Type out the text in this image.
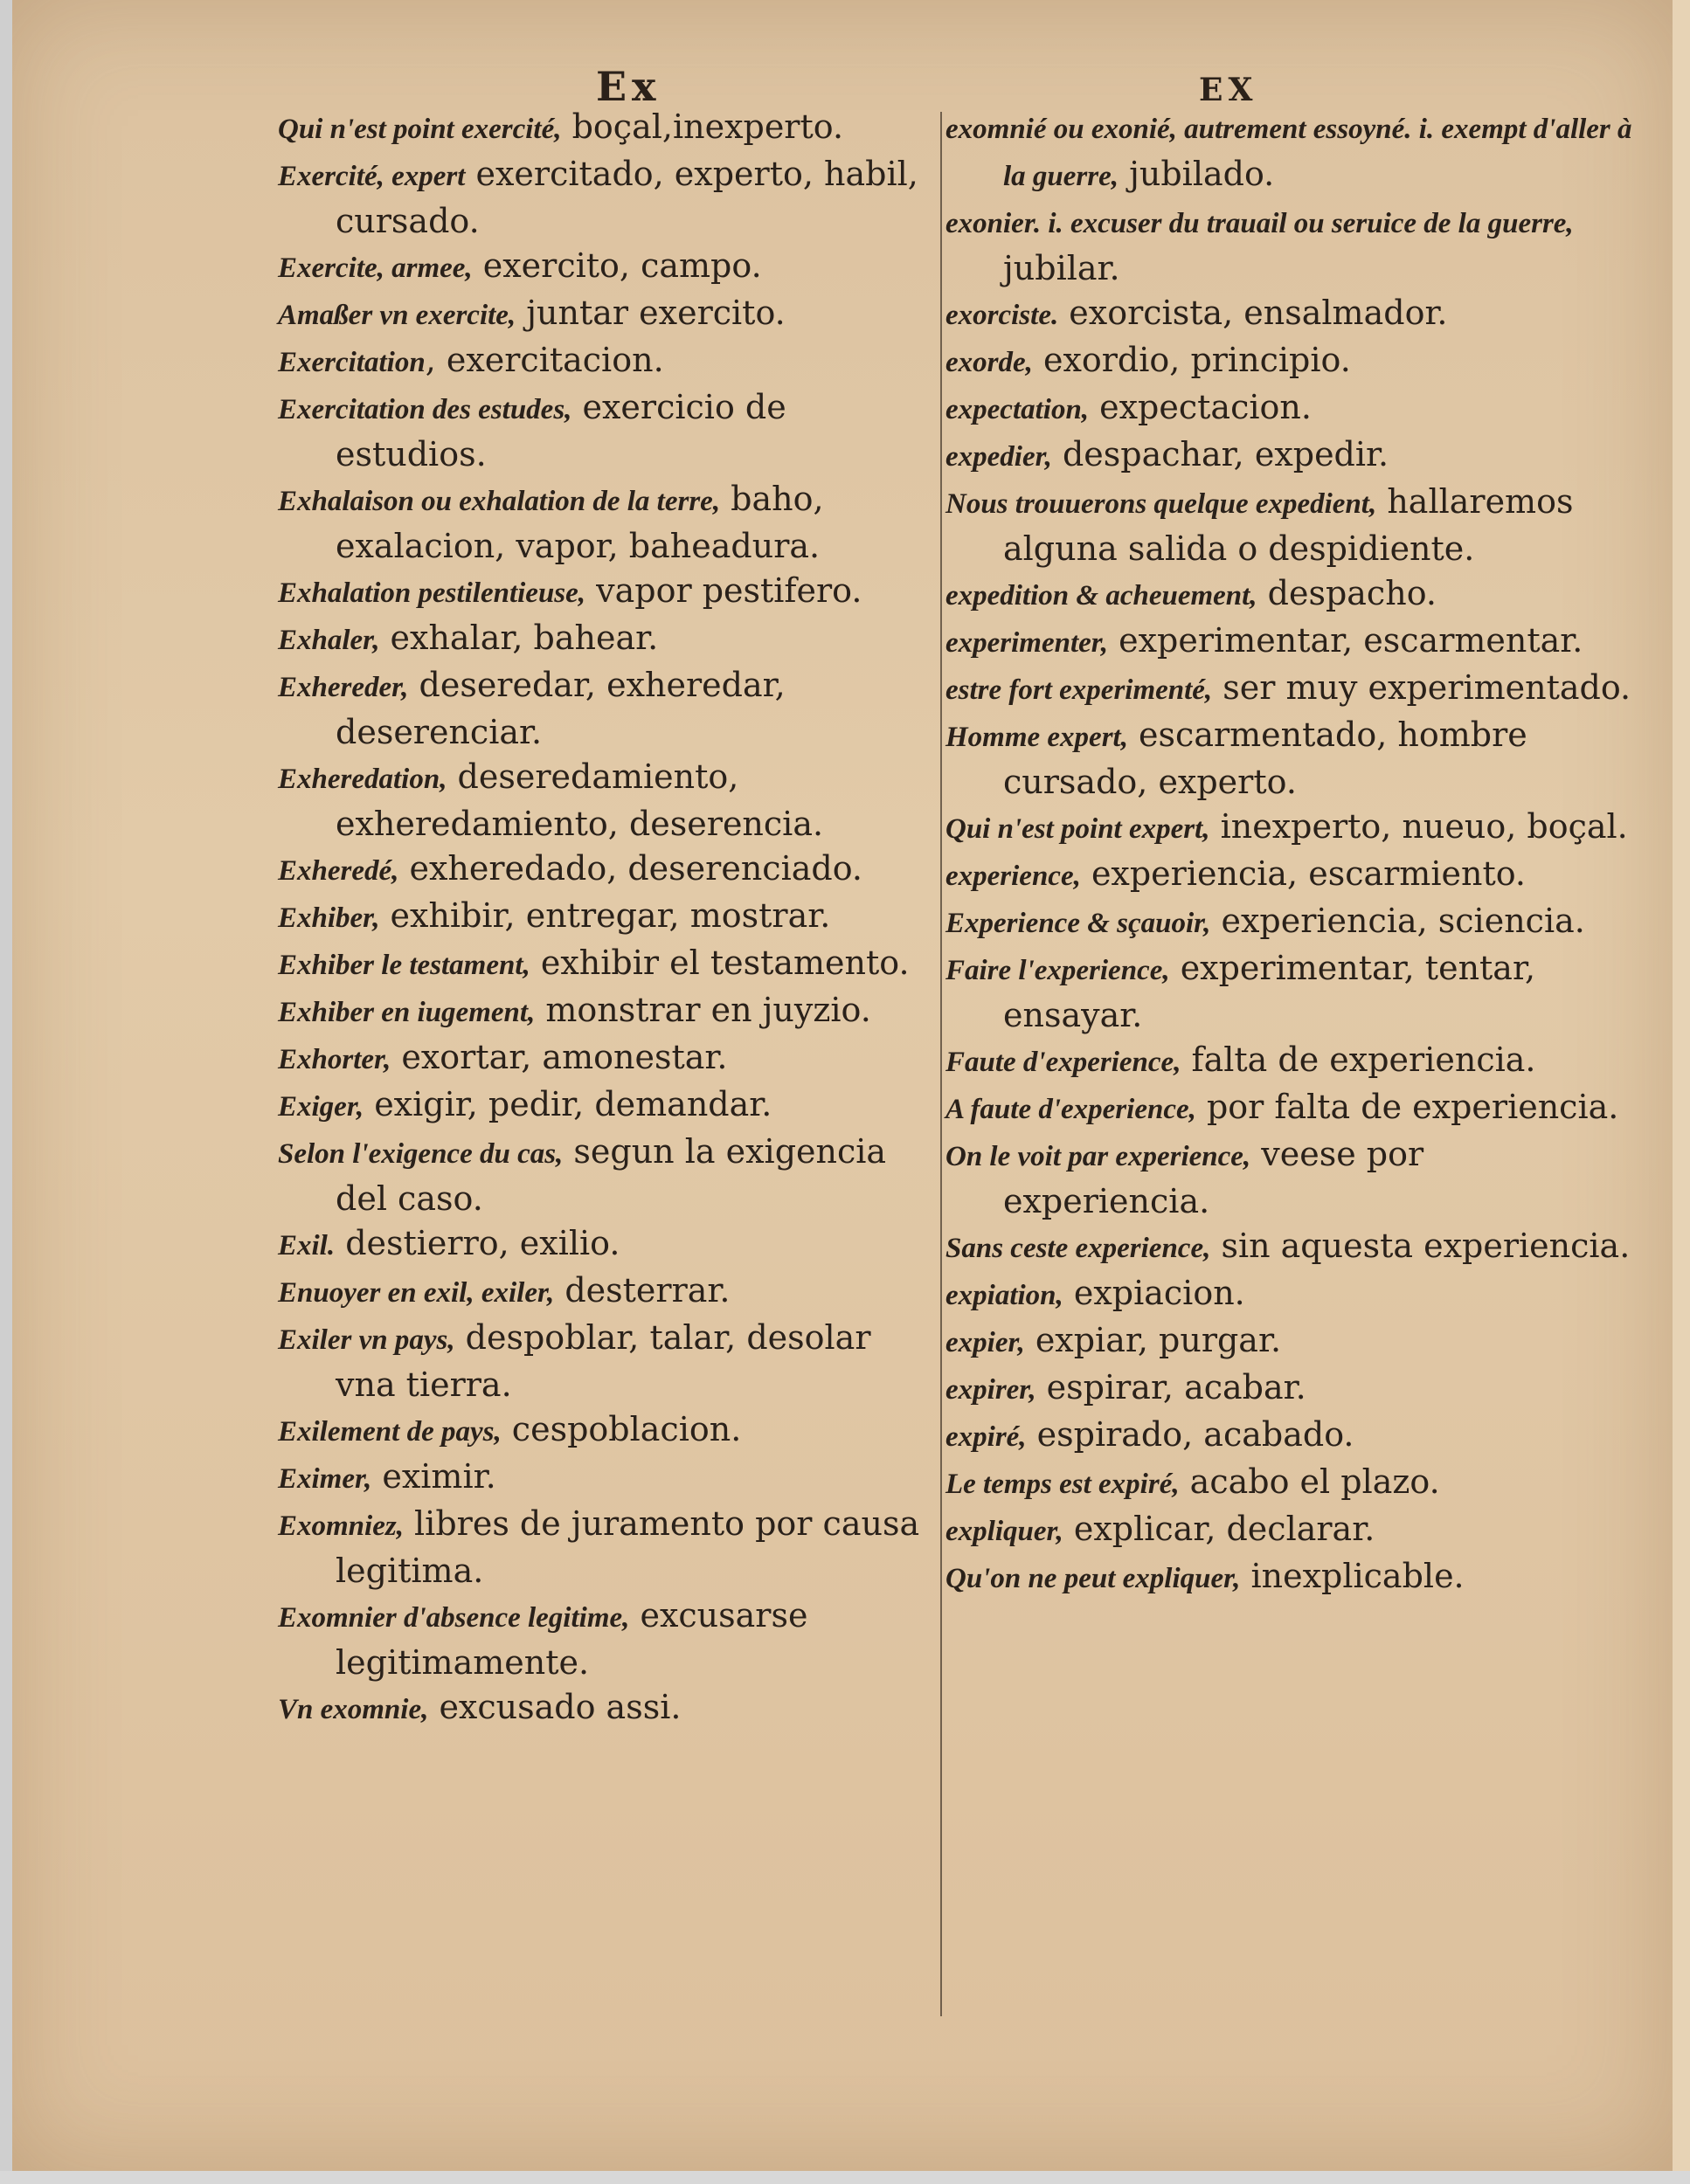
Ex	EX

Qui n'est point exercité, boçal,inexperto.

Exercité, expert exercitado, experto, habil, cursado.

Exercite, armee, exercito, campo.

Amaßer vn exercite, juntar exercito.

Exercitation, exercitacion.

Exercitation des estudes, exercicio de estudios.

Exhalaison ou exhalation de la terre, baho, exalacion, vapor, baheadura.

Exhalation pestilentieuse, vapor pestifero.

Exhaler, exhalar, bahear.

Exhereder, deseredar, exheredar, deserenciar.

Exheredation, deseredamiento, exheredamiento, deserencia.

Exheredé, exheredado, deserenciado.

Exhiber, exhibir, entregar, mostrar.

Exhiber le testament, exhibir el testamento.

Exhiber en iugement, monstrar en juyzio.

Exhorter, exortar, amonestar.

Exiger, exigir, pedir, demandar.

Selon l'exigence du cas, segun la exigencia del caso.

Exil. destierro, exilio.

Enuoyer en exil, exiler, desterrar.

Exiler vn pays, despoblar, talar, desolar vna tierra.

Exilement de pays, cespoblacion.

Eximer, eximir.

Exomniez, libres de juramento por causa legitima.

Exomnier d'absence legitime, excusarse legitimamente.

Vn exomnie, excusado assi.

exomnié ou exonié, autrement essoyné. i. exempt d'aller à la guerre, jubilado.

exonier. i. excuser du trauail ou seruice de la guerre, jubilar.

exorciste. exorcista, ensalmador.

exorde, exordio, principio.

expectation, expectacion.

expedier, despachar, expedir.

Nous trouuerons quelque expedient, hallaremos alguna salida o despidiente.

expedition & acheuement, despacho.

experimenter, experimentar, escarmentar.

estre fort experimenté, ser muy experimentado.

Homme expert, escarmentado, hombre cursado, experto.

Qui n'est point expert, inexperto, nueuo, boçal.

experience, experiencia, escarmiento.

Experience & sçauoir, experiencia, sciencia.

Faire l'experience, experimentar, tentar, ensayar.

Faute d'experience, falta de experiencia.

A faute d'experience, por falta de experiencia.

On le voit par experience, veese por experiencia.

Sans ceste experience, sin aquesta experiencia.

expiation, expiacion.

expier, expiar, purgar.

expirer, espirar, acabar.

expiré, espirado, acabado.

Le temps est expiré, acabo el plazo.

expliquer, explicar, declarar.

Qu'on ne peut expliquer, inexplicable.
